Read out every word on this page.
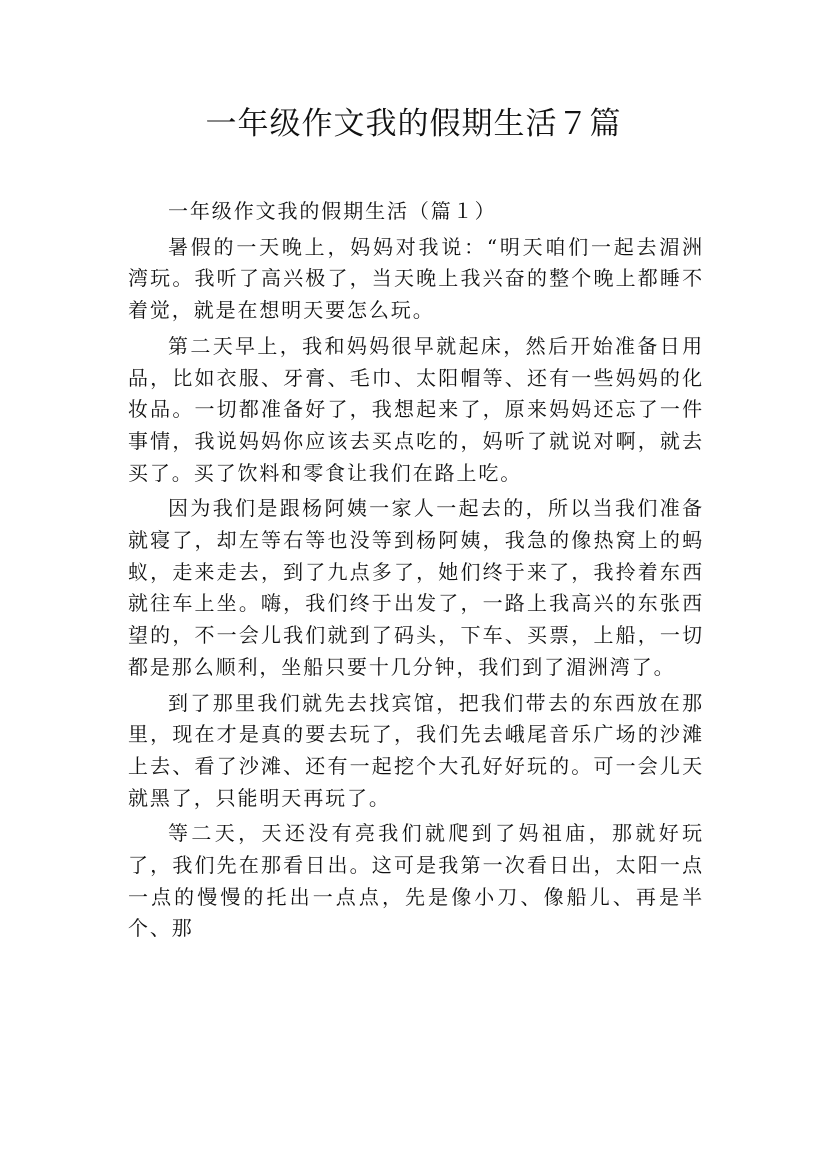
一年级作文我的假期生活７篇

一年级作文我的假期生活（篇１）

暑假的一天晚上，妈妈对我说：“明天咱们一起去湄洲湾玩。我听了高兴极了，当天晚上我兴奋的整个晚上都睡不着觉，就是在想明天要怎么玩。

第二天早上，我和妈妈很早就起床，然后开始准备日用品，比如衣服、牙膏、毛巾、太阳帽等、还有一些妈妈的化妆品。一切都准备好了，我想起来了，原来妈妈还忘了一件事情，我说妈妈你应该去买点吃的，妈听了就说对啊，就去买了。买了饮料和零食让我们在路上吃。

因为我们是跟杨阿姨一家人一起去的，所以当我们准备就寝了，却左等右等也没等到杨阿姨，我急的像热窝上的蚂蚁，走来走去，到了九点多了，她们终于来了，我拎着东西就往车上坐。嗨，我们终于出发了，一路上我高兴的东张西望的，不一会儿我们就到了码头，下车、买票，上船，一切都是那么顺利，坐船只要十几分钟，我们到了湄洲湾了。

到了那里我们就先去找宾馆，把我们带去的东西放在那里，现在才是真的要去玩了，我们先去峨尾音乐广场的沙滩上去、看了沙滩、还有一起挖个大孔好好玩的。可一会儿天就黑了，只能明天再玩了。

等二天，天还没有亮我们就爬到了妈祖庙，那就好玩了，我们先在那看日出。这可是我第一次看日出，太阳一点一点的慢慢的托出一点点，先是像小刀、像船儿、再是半个、那
